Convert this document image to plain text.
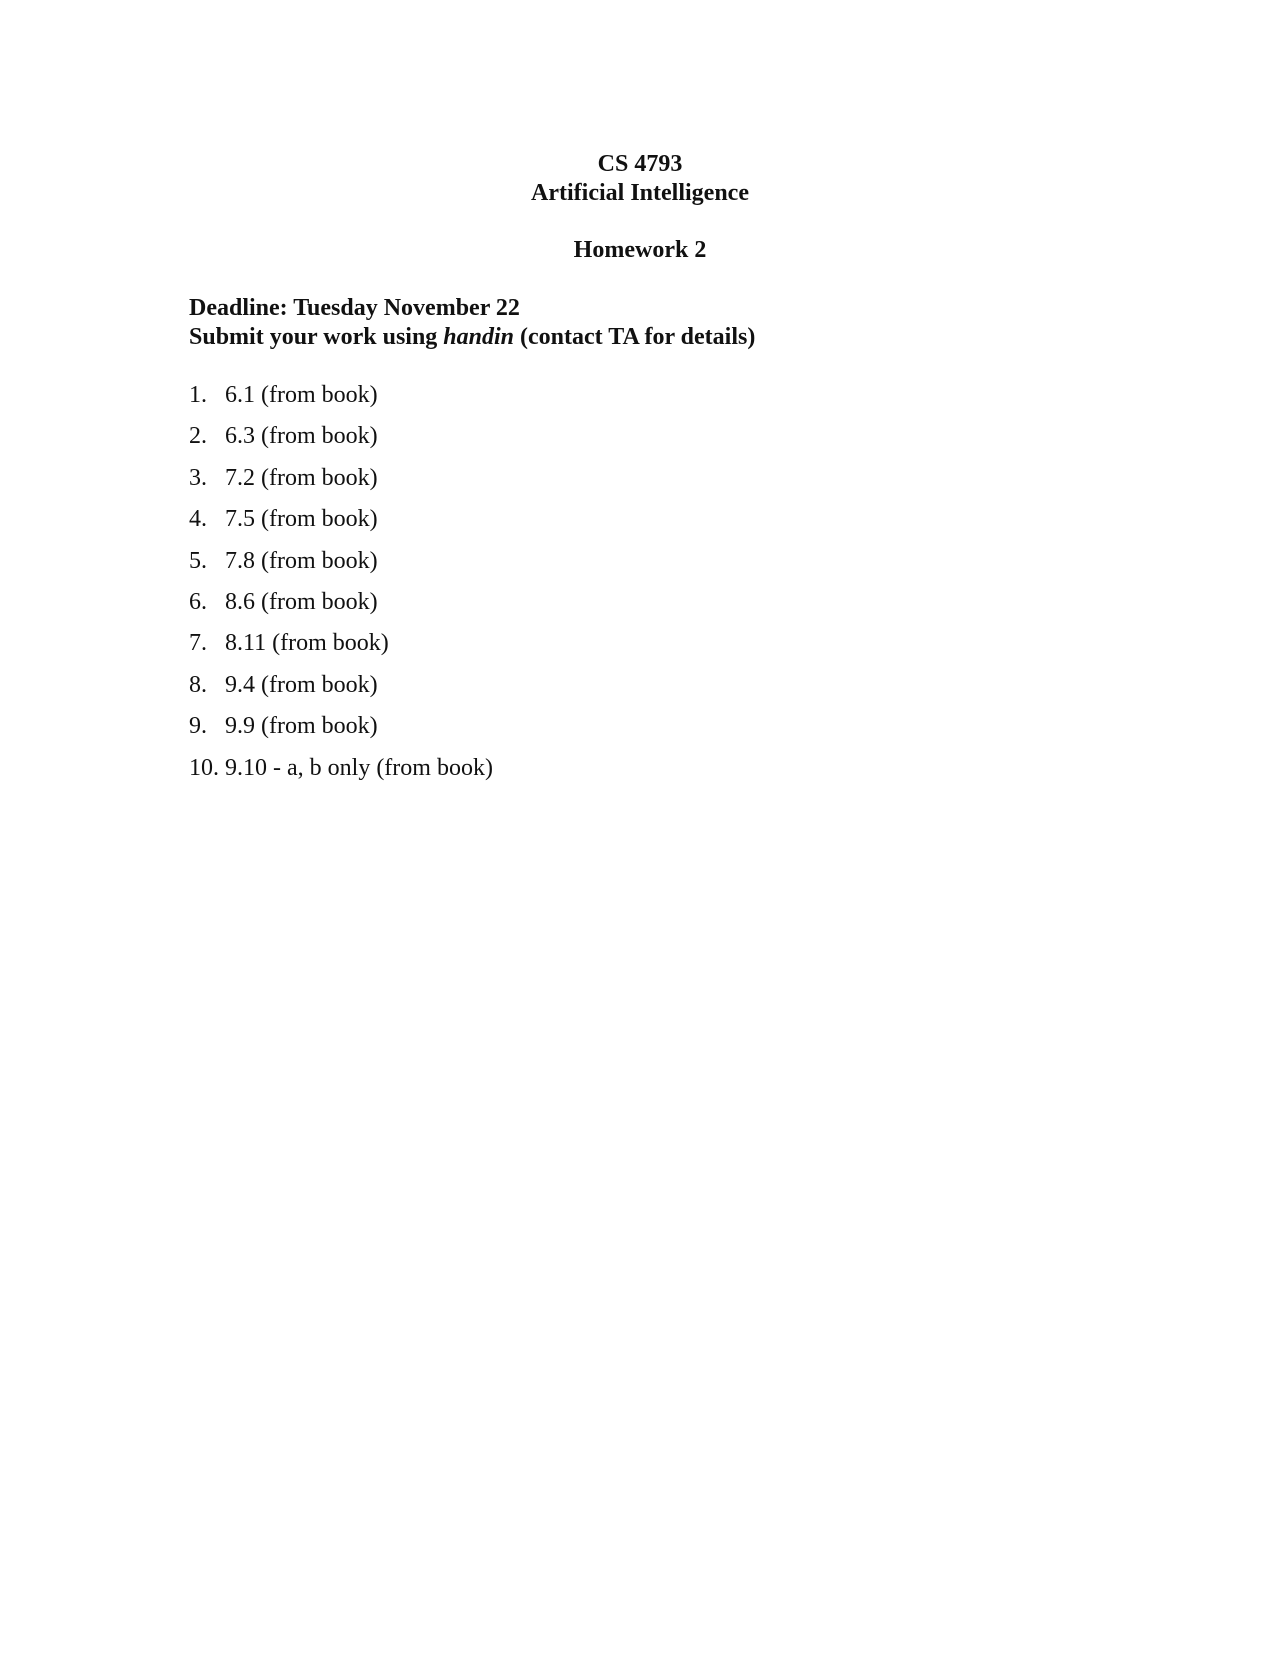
CS 4793
Artificial Intelligence
Homework 2
Deadline: Tuesday November 22
Submit your work using handin (contact TA for details)
1. 6.1 (from book)
2. 6.3 (from book)
3. 7.2 (from book)
4. 7.5 (from book)
5. 7.8 (from book)
6. 8.6 (from book)
7. 8.11 (from book)
8. 9.4 (from book)
9. 9.9 (from book)
10. 9.10 - a, b only (from book)
